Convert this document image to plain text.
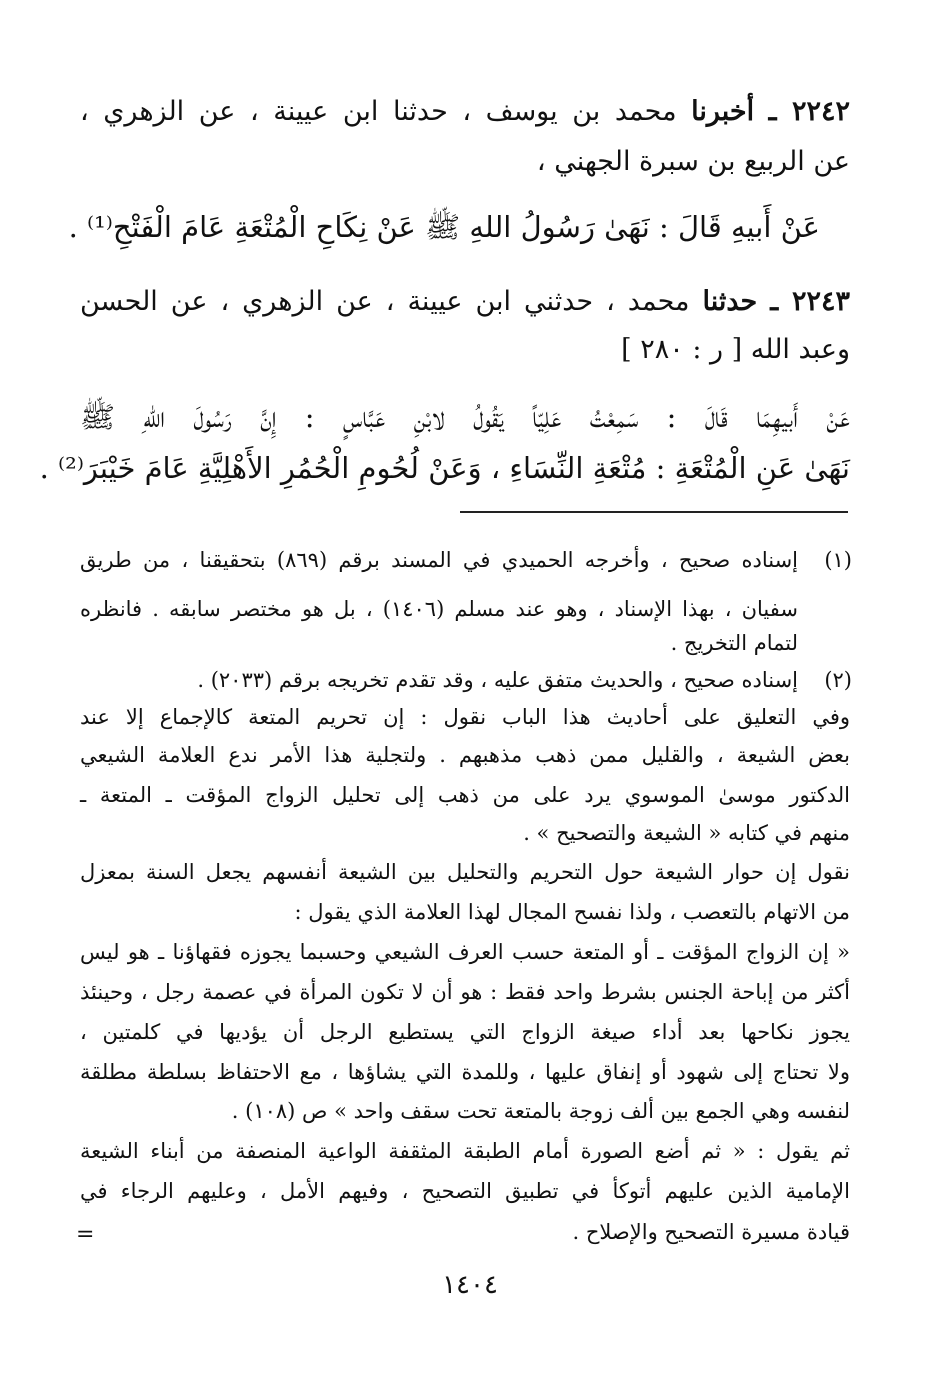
٢٢٤٢ ـ أخبرنا محمد بن يوسف ، حدثنا ابن عيينة ، عن الزهري ،
عن الربيع بن سبرة الجهني ،
عَنْ أَبيهِ قَالَ : نَهَىٰ رَسُولُ اللهِ ﷺ عَنْ نِكَاحِ الْمُتْعَةِ عَامَ الْفَتْحِ⁽¹⁾ .
٢٢٤٣ ـ حدثنا محمد ، حدثني ابن عيينة ، عن الزهري ، عن الحسن
وعبد الله [ ر : ٢٨٠ ]
عَنْ أَبيهِمَا قَالَ : سَمِعْتُ عَلِيّاً يَقُولُ لابْنِ عَبَّاسٍ : إِنَّ رَسُولَ اللهِ ﷺ
نَهَىٰ عَنِ الْمُتْعَةِ : مُتْعَةِ النِّسَاءِ ، وَعَنْ لُحُومِ الْحُمُرِ الأَهْلِيَّةِ عَامَ خَيْبَرَ⁽²⁾ .
(١)
إسناده صحيح ، وأخرجه الحميدي في المسند برقم (٨٦٩) بتحقيقنا ، من طريق
سفيان ، بهذا الإسناد ، وهو عند مسلم (١٤٠٦) ، بل هو مختصر سابقه . فانظره
لتمام التخريج .
(٢)
إسناده صحيح ، والحديث متفق عليه ، وقد تقدم تخريجه برقم (٢٠٣٣) .
وفي التعليق على أحاديث هذا الباب نقول : إن تحريم المتعة كالإجماع إلا عند
بعض الشيعة ، والقليل ممن ذهب مذهبهم . ولتجلية هذا الأمر ندع العلامة الشيعي
الدكتور موسىٰ الموسوي يرد على من ذهب إلى تحليل الزواج المؤقت ـ المتعة ـ
منهم في كتابه « الشيعة والتصحيح » .
نقول إن حوار الشيعة حول التحريم والتحليل بين الشيعة أنفسهم يجعل السنة بمعزل
من الاتهام بالتعصب ، ولذا نفسح المجال لهذا العلامة الذي يقول :
« إن الزواج المؤقت ـ أو المتعة حسب العرف الشيعي وحسبما يجوزه فقهاؤنا ـ هو ليس
أكثر من إباحة الجنس بشرط واحد فقط : هو أن لا تكون المرأة في عصمة رجل ، وحينئذ
يجوز نكاحها بعد أداء صيغة الزواج التي يستطيع الرجل أن يؤديها في كلمتين ،
ولا تحتاج إلى شهود أو إنفاق عليها ، وللمدة التي يشاؤها ، مع الاحتفاظ بسلطة مطلقة
لنفسه وهي الجمع بين ألف زوجة بالمتعة تحت سقف واحد » ص (١٠٨) .
ثم يقول : « ثم أضع الصورة أمام الطبقة المثقفة الواعية المنصفة من أبناء الشيعة
الإمامية الذين عليهم أتوكأ في تطبيق التصحيح ، وفيهم الأمل ، وعليهم الرجاء في
قيادة مسيرة التصحيح والإصلاح .
=
١٤٠٤
